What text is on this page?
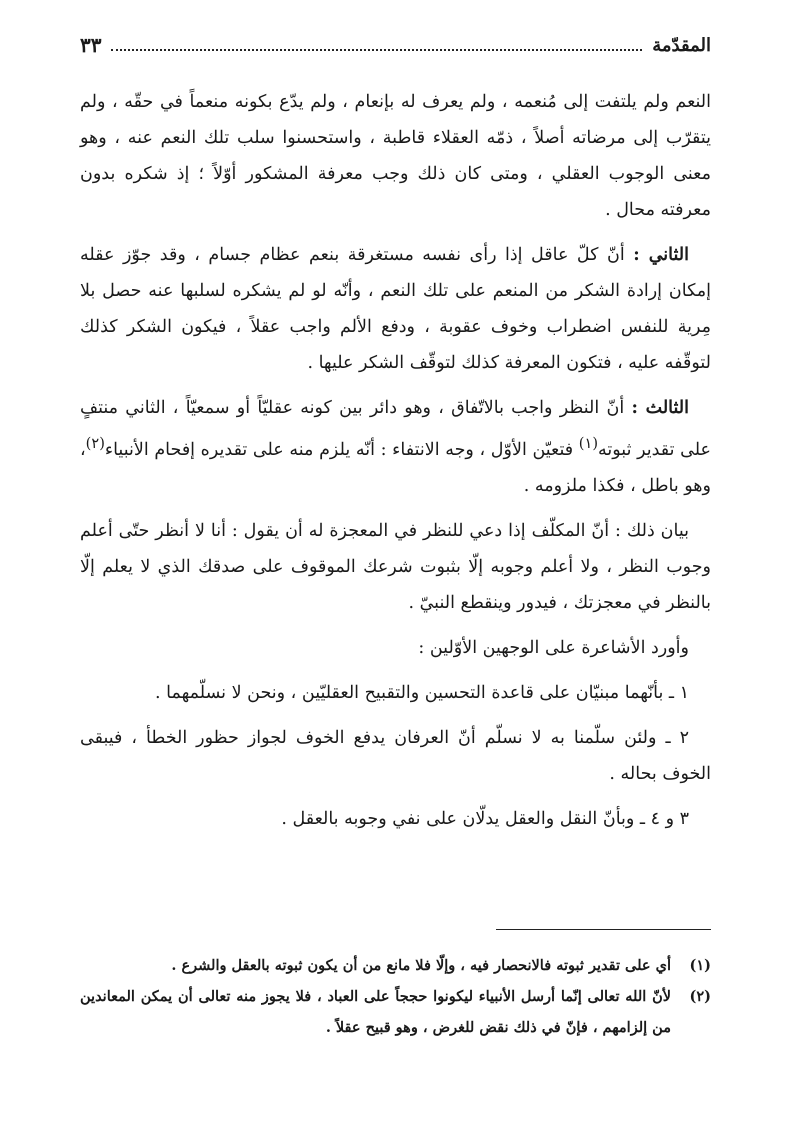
المقدّمة
٣٣

النعم ولم يلتفت إلى مُنعمه ، ولم يعرف له بإنعام ، ولم يدّع بكونه منعماً في حقّه ، ولم يتقرّب إلى مرضاته أصلاً ، ذمّه العقلاء قاطبة ، واستحسنوا سلب تلك النعم عنه ، وهو معنى الوجوب العقلي ، ومتى كان ذلك وجب معرفة المشكور أوّلاً ؛ إذ شكره بدون معرفته محال .

الثاني : أنّ كلّ عاقل إذا رأى نفسه مستغرقة بنعم عظام جسام ، وقد جوّز عقله إمكان إرادة الشكر من المنعم على تلك النعم ، وأنّه لو لم يشكره لسلبها عنه حصل بلا مِرية للنفس اضطراب وخوف عقوبة ، ودفع الألم واجب عقلاً ، فيكون الشكر كذلك لتوقّفه عليه ، فتكون المعرفة كذلك لتوقّف الشكر عليها .

الثالث : أنّ النظر واجب بالاتّفاق ، وهو دائر بين كونه عقليّاً أو سمعيّاً ، الثاني منتفٍ على تقدير ثبوته$^{(١)}$ فتعيّن الأوّل ، وجه الانتفاء : أنّه يلزم منه على تقديره إفحام الأنبياء$^{(٢)}$، وهو باطل ، فكذا ملزومه .

بيان ذلك : أنّ المكلّف إذا دعي للنظر في المعجزة له أن يقول : أنا لا أنظر حتّى أعلم وجوب النظر ، ولا أعلم وجوبه إلّا بثبوت شرعك الموقوف على صدقك الذي لا يعلم إلّا بالنظر في معجزتك ، فيدور وينقطع النبيّ .

وأورد الأشاعرة على الوجهين الأوّلين :

١ ـ بأنّهما مبنيّان على قاعدة التحسين والتقبيح العقليّين ، ونحن لا نسلّمهما .

٢ ـ ولئن سلّمنا به لا نسلّم أنّ العرفان يدفع الخوف لجواز حظور الخطأ ، فيبقى الخوف بحاله .

٣ و ٤ ـ وبأنّ النقل والعقل يدلّان على نفي وجوبه بالعقل .

(١)أي على تقدير ثبوته فالانحصار فيه ، وإلّا فلا مانع من أن يكون ثبوته بالعقل والشرع .

(٢)لأنّ الله تعالى إنّما أرسل الأنبياء ليكونوا حججاً على العباد ، فلا يجوز منه تعالى أن يمكن المعاندين من إلزامهم ، فإنّ في ذلك نقض للغرض ، وهو قبيح عقلاً .
